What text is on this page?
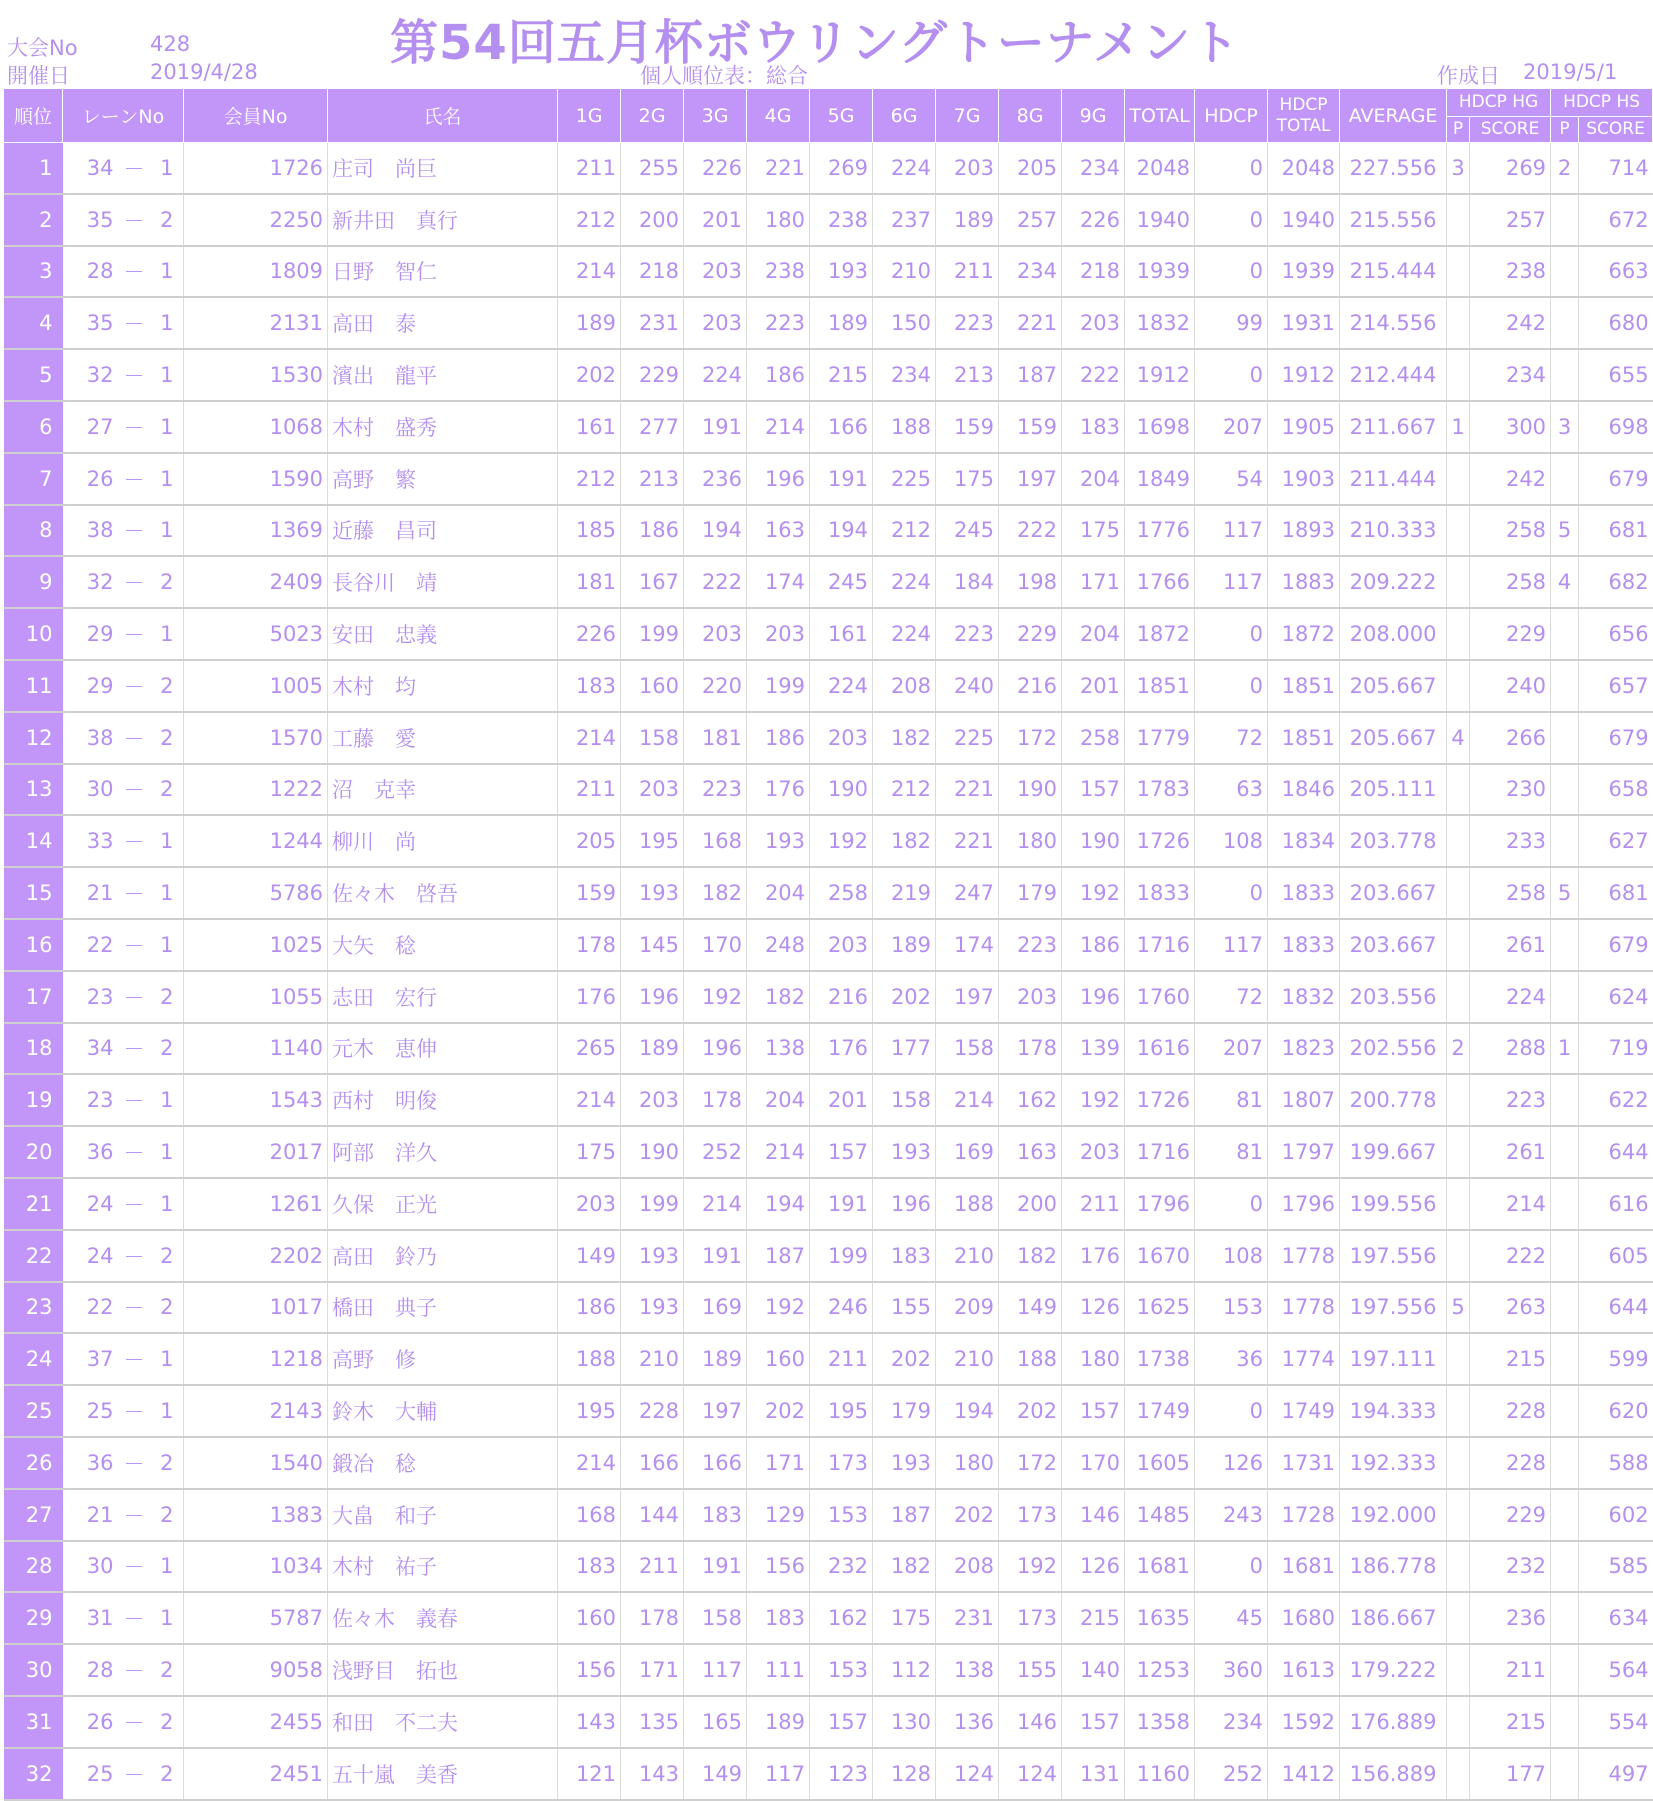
第54回五月杯ボウリングトーナメント
大会No	428
開催日	2019/4/28	個人順位表：総合	作成日 2019/5/1
順位	レーンNo			会員No	氏名	1G	2G	3G	4G	5G	6G	7G	8G	9G	TOTAL	HDCP	HDCP
TOTAL	AVERAGE	HDCP HG		HDCP HS	
																			P	SCORE	P	SCORE
1	34	－	1	1726	庄司　尚巨	211	255	226	221	269	224	203	205	234	2048	0	2048	227.556	3	269	2	714
2	35	－	2	2250	新井田　真行	212	200	201	180	238	237	189	257	226	1940	0	1940	215.556		257		672
3	28	－	1	1809	日野　智仁	214	218	203	238	193	210	211	234	218	1939	0	1939	215.444		238		663
4	35	－	1	2131	高田　泰	189	231	203	223	189	150	223	221	203	1832	99	1931	214.556		242		680
5	32	－	1	1530	濱出　龍平	202	229	224	186	215	234	213	187	222	1912	0	1912	212.444		234		655
6	27	－	1	1068	木村　盛秀	161	277	191	214	166	188	159	159	183	1698	207	1905	211.667	1	300	3	698
7	26	－	1	1590	高野　繁	212	213	236	196	191	225	175	197	204	1849	54	1903	211.444		242		679
8	38	－	1	1369	近藤　昌司	185	186	194	163	194	212	245	222	175	1776	117	1893	210.333		258	5	681
9	32	－	2	2409	長谷川　靖	181	167	222	174	245	224	184	198	171	1766	117	1883	209.222		258	4	682
10	29	－	1	5023	安田　忠義	226	199	203	203	161	224	223	229	204	1872	0	1872	208.000		229		656
11	29	－	2	1005	木村　均	183	160	220	199	224	208	240	216	201	1851	0	1851	205.667		240		657
12	38	－	2	1570	工藤　愛	214	158	181	186	203	182	225	172	258	1779	72	1851	205.667	4	266		679
13	30	－	2	1222	沼　克幸	211	203	223	176	190	212	221	190	157	1783	63	1846	205.111		230		658
14	33	－	1	1244	柳川　尚	205	195	168	193	192	182	221	180	190	1726	108	1834	203.778		233		627
15	21	－	1	5786	佐々木　啓吾	159	193	182	204	258	219	247	179	192	1833	0	1833	203.667		258	5	681
16	22	－	1	1025	大矢　稔	178	145	170	248	203	189	174	223	186	1716	117	1833	203.667		261		679
17	23	－	2	1055	志田　宏行	176	196	192	182	216	202	197	203	196	1760	72	1832	203.556		224		624
18	34	－	2	1140	元木　恵伸	265	189	196	138	176	177	158	178	139	1616	207	1823	202.556	2	288	1	719
19	23	－	1	1543	西村　明俊	214	203	178	204	201	158	214	162	192	1726	81	1807	200.778		223		622
20	36	－	1	2017	阿部　洋久	175	190	252	214	157	193	169	163	203	1716	81	1797	199.667		261		644
21	24	－	1	1261	久保　正光	203	199	214	194	191	196	188	200	211	1796	0	1796	199.556		214		616
22	24	－	2	2202	高田　鈴乃	149	193	191	187	199	183	210	182	176	1670	108	1778	197.556		222		605
23	22	－	2	1017	橋田　典子	186	193	169	192	246	155	209	149	126	1625	153	1778	197.556	5	263		644
24	37	－	1	1218	高野　修	188	210	189	160	211	202	210	188	180	1738	36	1774	197.111		215		599
25	25	－	1	2143	鈴木　大輔	195	228	197	202	195	179	194	202	157	1749	0	1749	194.333		228		620
26	36	－	2	1540	鍛冶　稔	214	166	166	171	173	193	180	172	170	1605	126	1731	192.333		228		588
27	21	－	2	1383	大畠　和子	168	144	183	129	153	187	202	173	146	1485	243	1728	192.000		229		602
28	30	－	1	1034	木村　祐子	183	211	191	156	232	182	208	192	126	1681	0	1681	186.778		232		585
29	31	－	1	5787	佐々木　義春	160	178	158	183	162	175	231	173	215	1635	45	1680	186.667		236		634
30	28	－	2	9058	浅野目　拓也	156	171	117	111	153	112	138	155	140	1253	360	1613	179.222		211		564
31	26	－	2	2455	和田　不二夫	143	135	165	189	157	130	136	146	157	1358	234	1592	176.889		215		554
32	25	－	2	2451	五十嵐　美香	121	143	149	117	123	128	124	124	131	1160	252	1412	156.889		177		497
